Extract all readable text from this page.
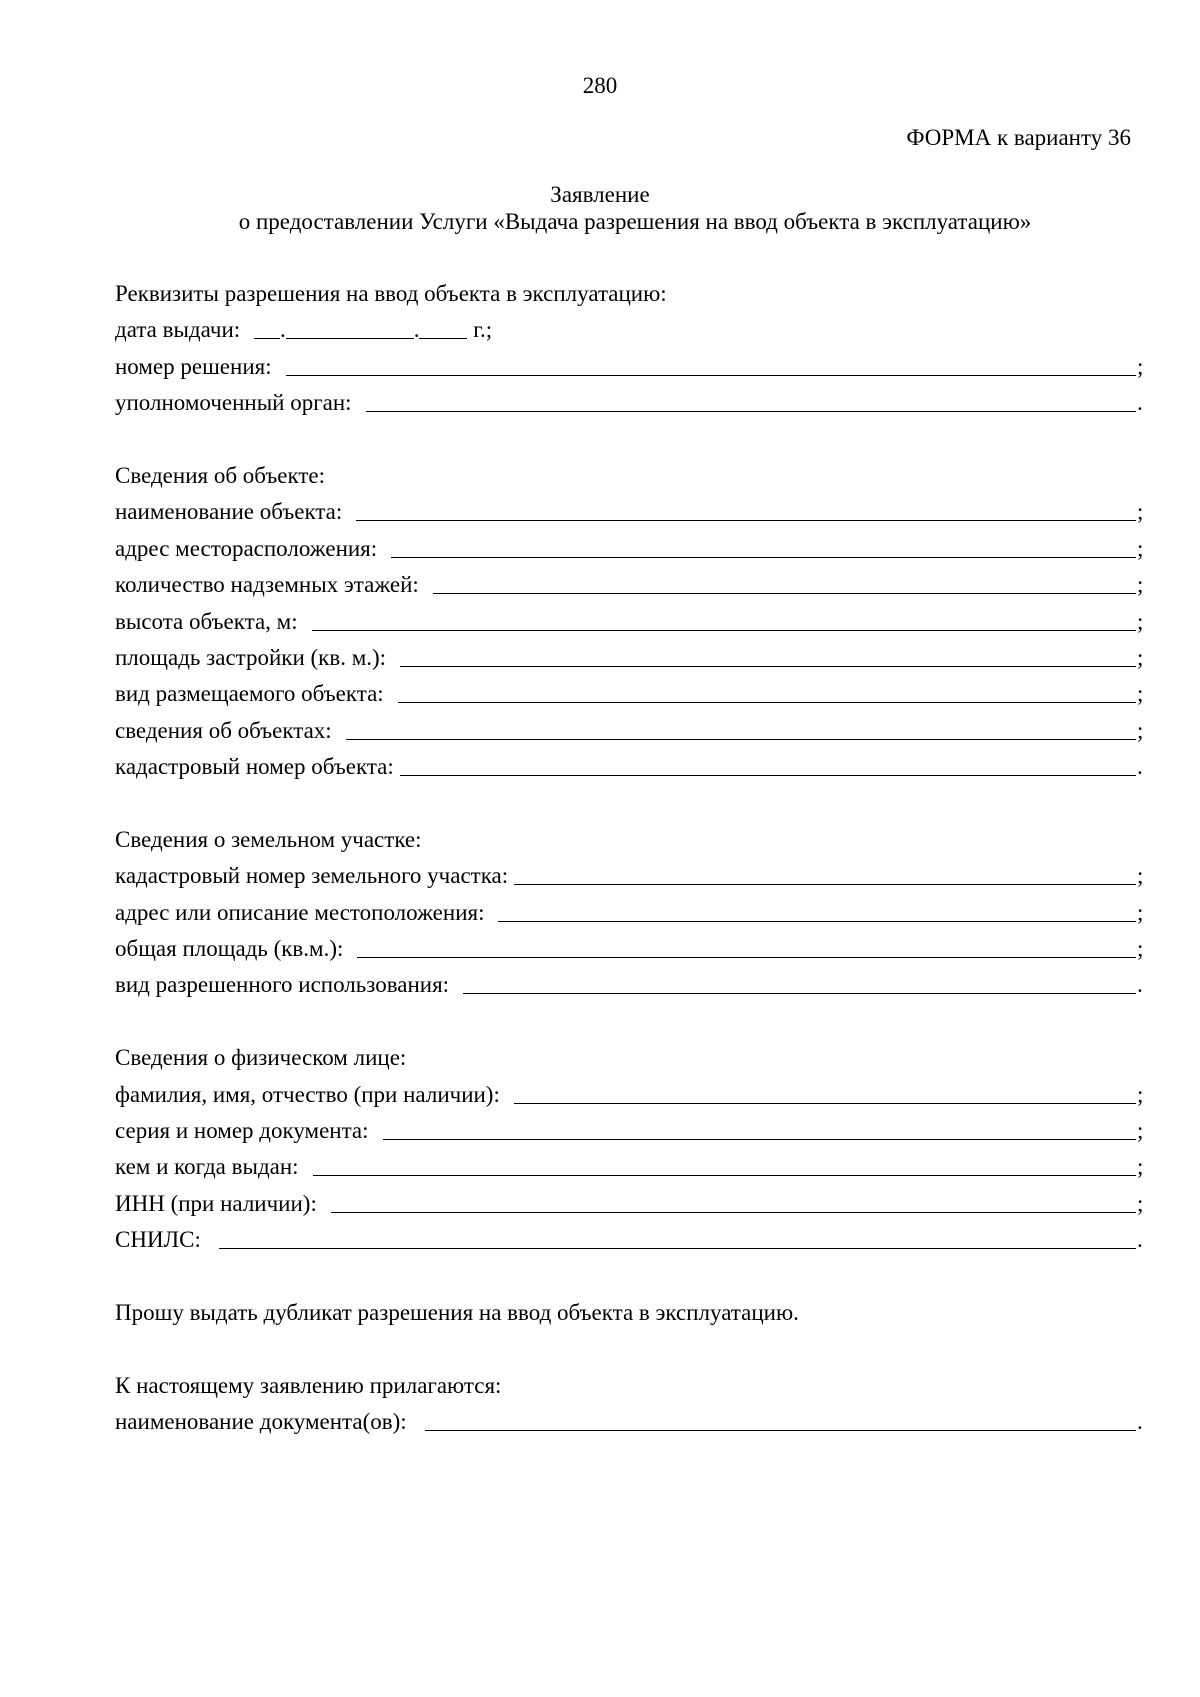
280
ФОРМА к варианту 36
Заявление
о предоставлении Услуги «Выдача разрешения на ввод объекта в эксплуатацию»
Реквизиты разрешения на ввод объекта в эксплуатацию:
дата выдачи: .	. г.;
номер решения:	;
уполномоченный орган:	.
Сведения об объекте:
наименование объекта:	;
адрес месторасположения:	;
количество надземных этажей:	;
высота объекта, м:	;
площадь застройки (кв. м.):	;
вид размещаемого объекта:	;
сведения об объектах:	;
кадастровый номер объекта:	.
Сведения о земельном участке:
кадастровый номер земельного участка:	;
адрес или описание местоположения:	;
общая площадь (кв.м.):	;
вид разрешенного использования:	.
Сведения о физическом лице:
фамилия, имя, отчество (при наличии):	;
серия и номер документа:	;
кем и когда выдан:	;
ИНН (при наличии):	;
СНИЛС:	.
Прошу выдать дубликат разрешения на ввод объекта в эксплуатацию.
К настоящему заявлению прилагаются:
наименование документа(ов):	.
